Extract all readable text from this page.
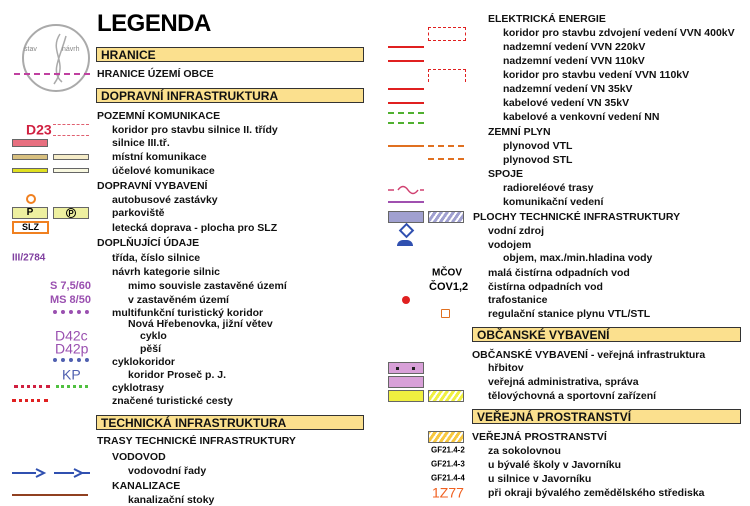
LEGENDA
stav	návrh	HRANICE
HRANICE ÚZEMÍ OBCE
DOPRAVNÍ INFRASTRUKTURA
POZEMNÍ KOMUNIKACE
D23	koridor pro stavbu silnice II. třídy
silnice III.tř.
místní komunikace
účelové komunikace
DOPRAVNÍ VYBAVENÍ
autobusové zastávky
P	P	parkoviště
SLZ	letecká doprava - plocha pro SLZ
DOPLŇUJÍCÍ ÚDAJE
III/2784	třída, číslo silnice
návrh kategorie silnic
S 7,5/60	mimo souvisle zastavěné území
MS 8/50	v zastavěném území
multifunkční turistický koridor
Nová Hřebenovka, jižní větev
D42c	cyklo
D42p	pěší
cyklokoridor
KP	koridor Proseč p. J.
cyklotrasy
značené turistické cesty
TECHNICKÁ INFRASTRUKTURA
TRASY TECHNICKÉ INFRASTRUKTURY
VODOVOD
vodovodní řady
KANALIZACE
kanalizační stoky
ELEKTRICKÁ ENERGIE
koridor pro stavbu zdvojení vedení VVN 400kV
nadzemní vedení VVN 220kV
nadzemní vedení VVN 110kV
koridor pro stavbu vedení VVN 110kV
nadzemní vedení VN 35kV
kabelové vedení VN 35kV
kabelové a venkovní vedení NN
ZEMNÍ PLYN
plynovod VTL
plynovod STL
SPOJE
radioreléové trasy
komunikační vedení
PLOCHY TECHNICKÉ INFRASTRUKTURY
vodní zdroj
vodojem
objem, max./min.hladina vody
MČOV malá čistírna odpadních vod
ČOV1,2 čistírna odpadních vod
trafostanice
regulační stanice plynu VTL/STL
OBČANSKÉ VYBAVENÍ
OBČANSKÉ VYBAVENÍ - veřejná infrastruktura
hřbitov
veřejná administrativa, správa
tělovýchovná a sportovní zařízení
VEŘEJNÁ PROSTRANSTVÍ
VEŘEJNÁ PROSTRANSTVÍ
GF21.4-2 za sokolovnou
GF21.4-3 u bývalé školy v Javorníku
GF21.4-4 u silnice v Javorníku
1Z77 při okraji bývalého zemědělského střediska
